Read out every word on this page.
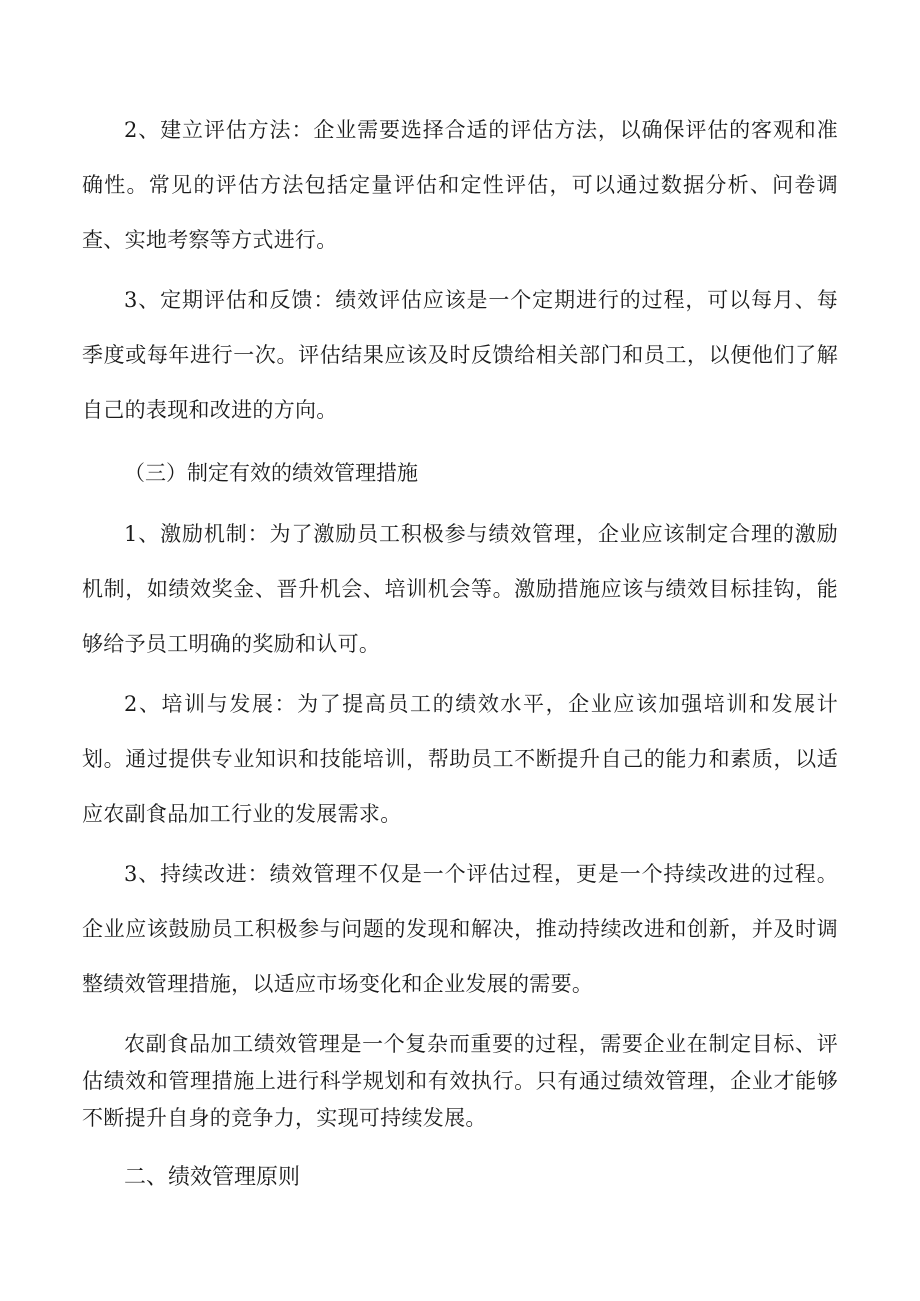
2、建立评估方法：企业需要选择合适的评估方法，以确保评估的客观和准确性。常见的评估方法包括定量评估和定性评估，可以通过数据分析、问卷调查、实地考察等方式进行。

3、定期评估和反馈：绩效评估应该是一个定期进行的过程，可以每月、每季度或每年进行一次。评估结果应该及时反馈给相关部门和员工，以便他们了解自己的表现和改进的方向。

（三）制定有效的绩效管理措施

1、激励机制：为了激励员工积极参与绩效管理，企业应该制定合理的激励机制，如绩效奖金、晋升机会、培训机会等。激励措施应该与绩效目标挂钩，能够给予员工明确的奖励和认可。

2、培训与发展：为了提高员工的绩效水平，企业应该加强培训和发展计划。通过提供专业知识和技能培训，帮助员工不断提升自己的能力和素质，以适应农副食品加工行业的发展需求。

3、持续改进：绩效管理不仅是一个评估过程，更是一个持续改进的过程。企业应该鼓励员工积极参与问题的发现和解决，推动持续改进和创新，并及时调整绩效管理措施，以适应市场变化和企业发展的需要。

农副食品加工绩效管理是一个复杂而重要的过程，需要企业在制定目标、评估绩效和管理措施上进行科学规划和有效执行。只有通过绩效管理，企业才能够不断提升自身的竞争力，实现可持续发展。

二、绩效管理原则
